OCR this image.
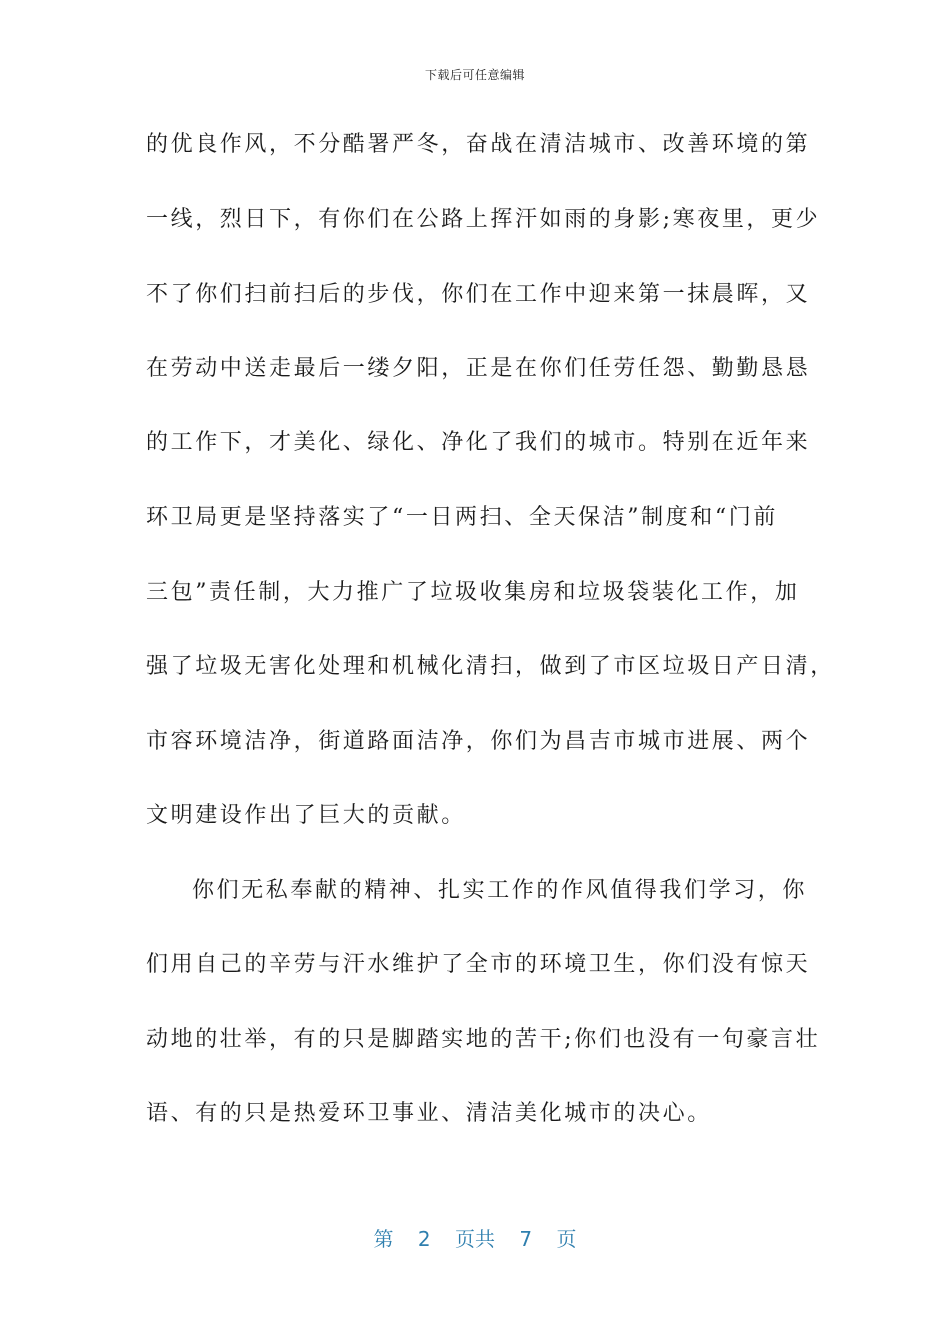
下载后可任意编辑
的优良作风，不分酷署严冬，奋战在清洁城市、改善环境的第
一线，烈日下，有你们在公路上挥汗如雨的身影;寒夜里，更少
不了你们扫前扫后的步伐，你们在工作中迎来第一抹晨晖，又
在劳动中送走最后一缕夕阳，正是在你们任劳任怨、勤勤恳恳
的工作下，才美化、绿化、净化了我们的城市。特别在近年来
环卫局更是坚持落实了“一日两扫、全天保洁”制度和“门前
三包”责任制，大力推广了垃圾收集房和垃圾袋装化工作，加
强了垃圾无害化处理和机械化清扫，做到了市区垃圾日产日清，
市容环境洁净，街道路面洁净，你们为昌吉市城市进展、两个
文明建设作出了巨大的贡献。
你们无私奉献的精神、扎实工作的作风值得我们学习，你
们用自己的辛劳与汗水维护了全市的环境卫生，你们没有惊天
动地的壮举，有的只是脚踏实地的苦干;你们也没有一句豪言壮
语、有的只是热爱环卫事业、清洁美化城市的决心。
第 2 页共 7 页
